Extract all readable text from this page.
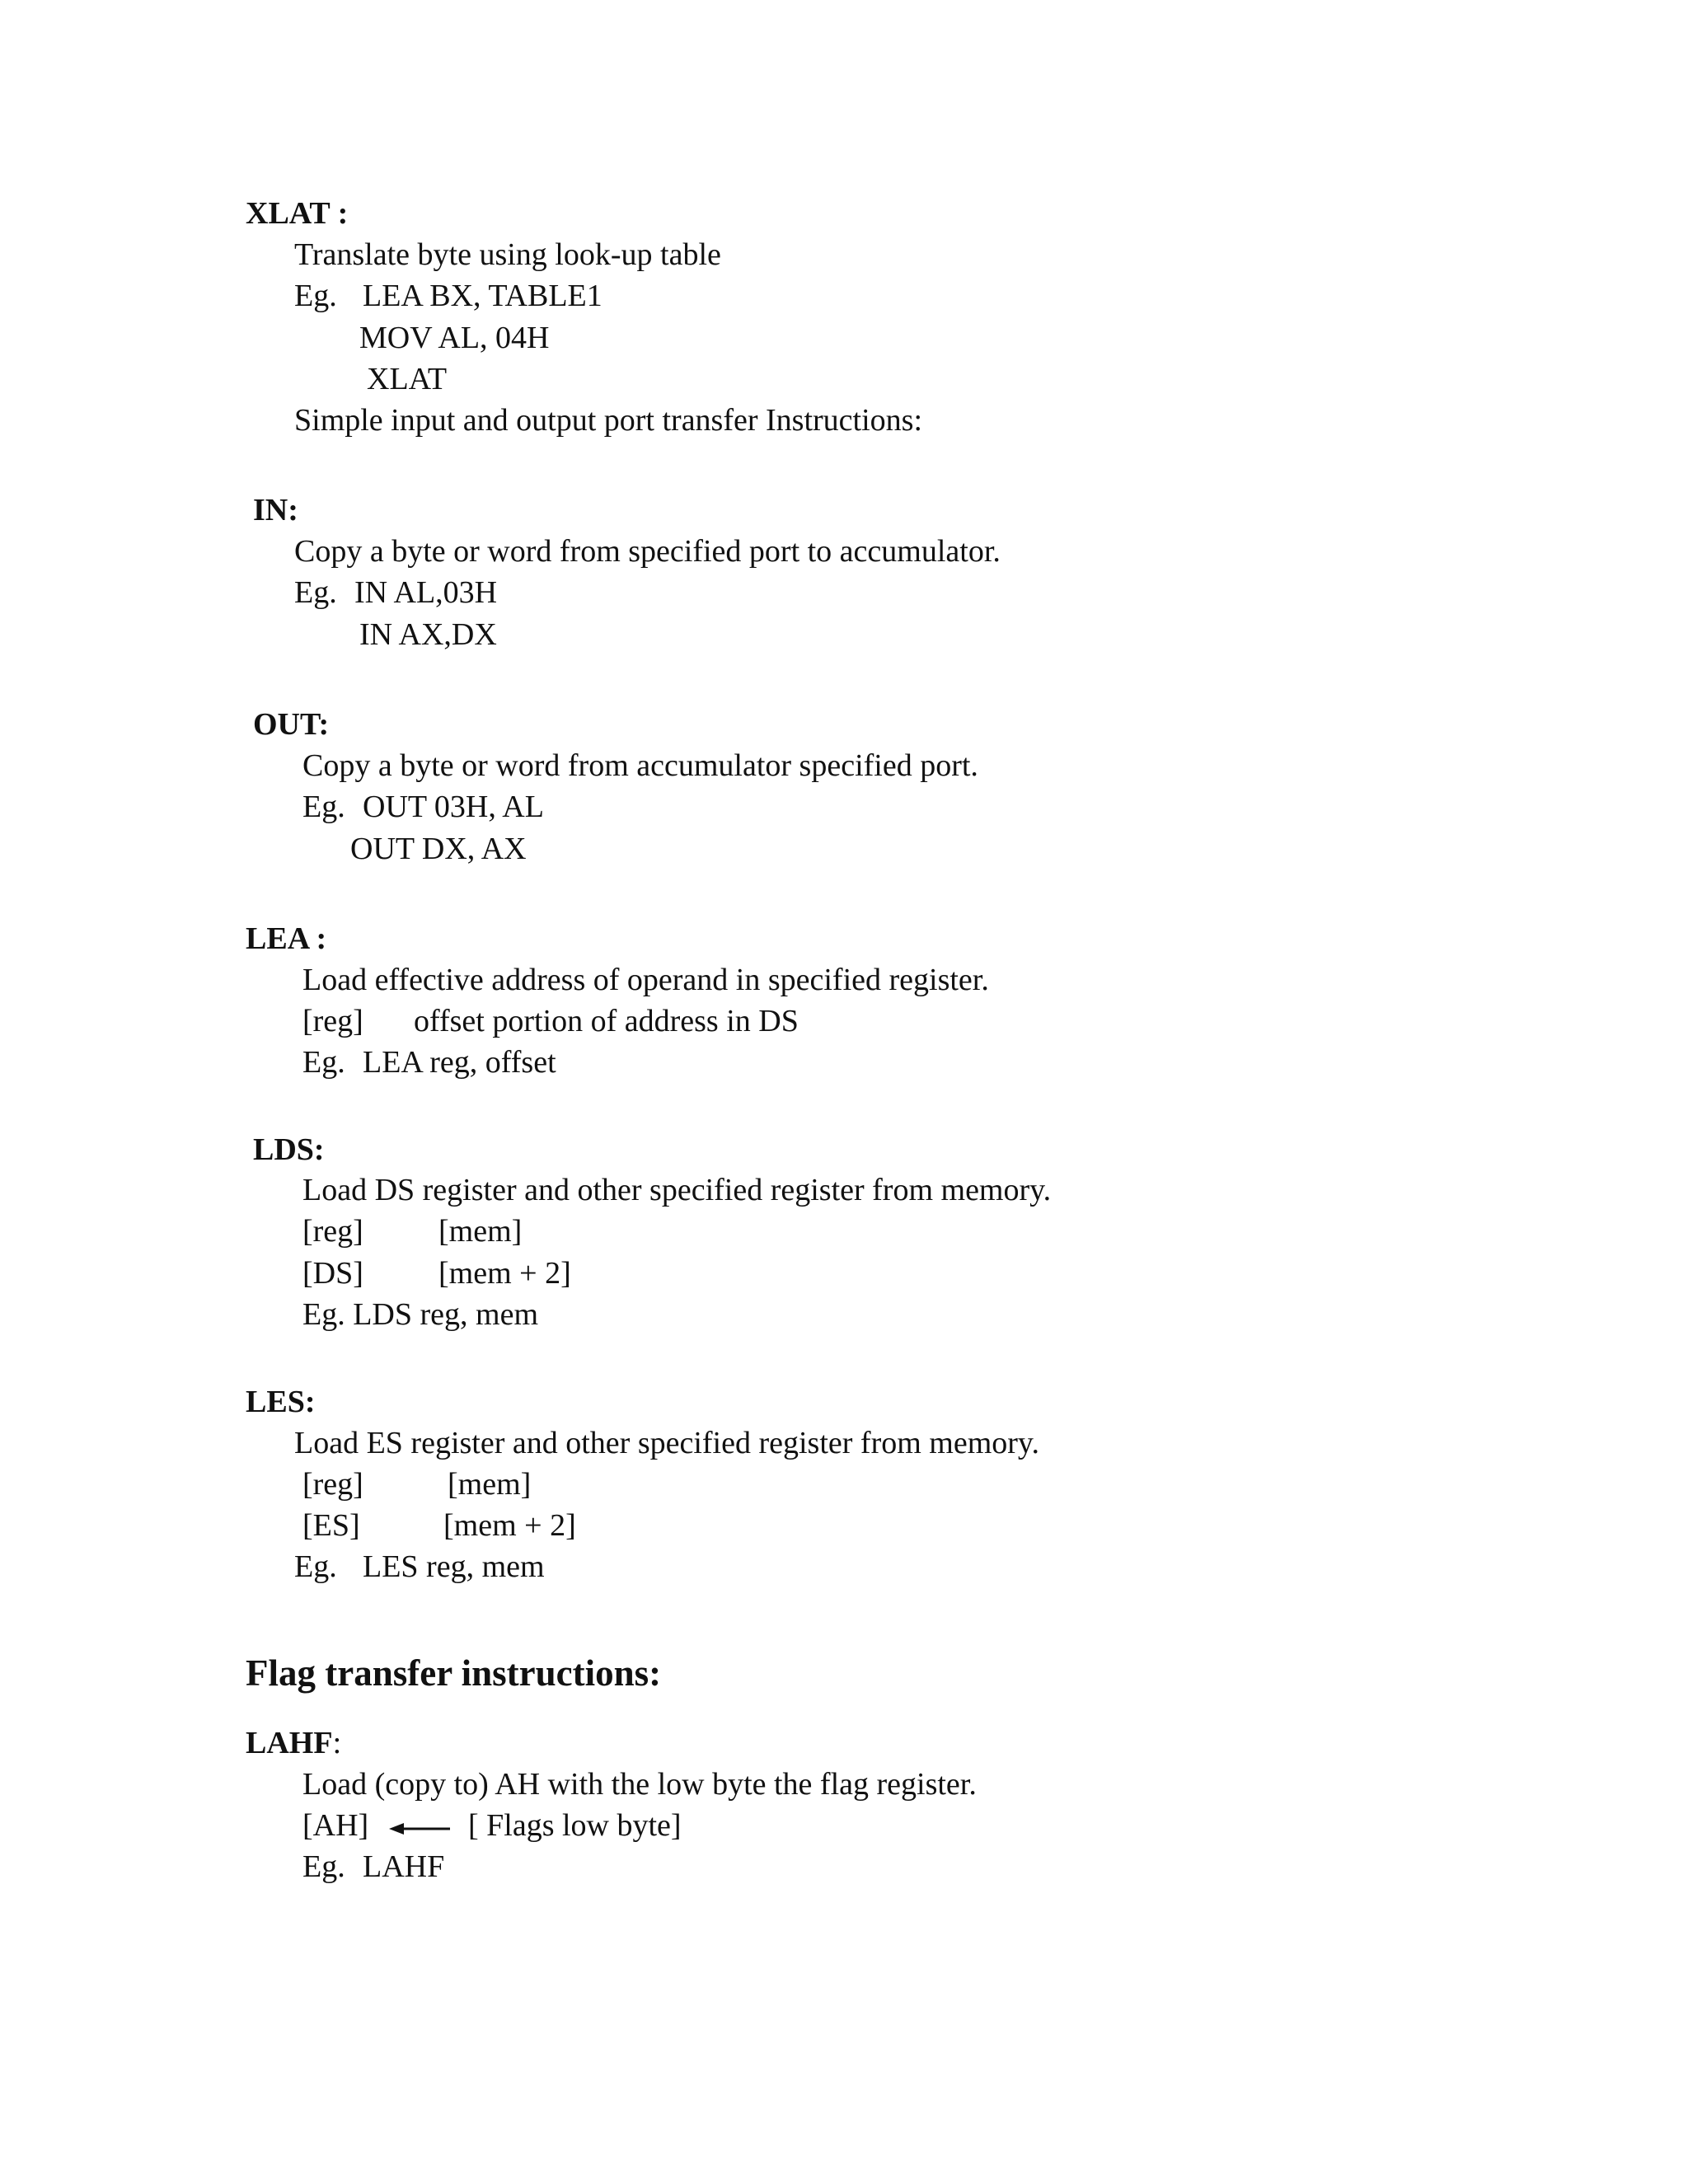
XLAT :
Translate byte using look-up table
Eg. LEA BX, TABLE1
MOV AL, 04H
XLAT
Simple input and output port transfer Instructions:
IN:
Copy a byte or word from specified port to accumulator.
Eg. IN AL,03H
IN AX,DX
OUT:
Copy a byte or word from accumulator specified port.
Eg. OUT 03H, AL
OUT DX, AX
LEA :
Load effective address of operand in specified register.
[reg] offset portion of address in DS
Eg. LEA reg, offset
LDS:
Load DS register and other specified register from memory.
[reg] [mem]
[DS] [mem + 2]
Eg. LDS reg, mem
LES:
Load ES register and other specified register from memory.
[reg]	[mem]
[ES]	[mem + 2]
Eg. LES reg, mem
Flag transfer instructions:
LAHF:
Load (copy to) AH with the low byte the flag register.
[AH]	[ Flags low byte]
Eg. LAHF
